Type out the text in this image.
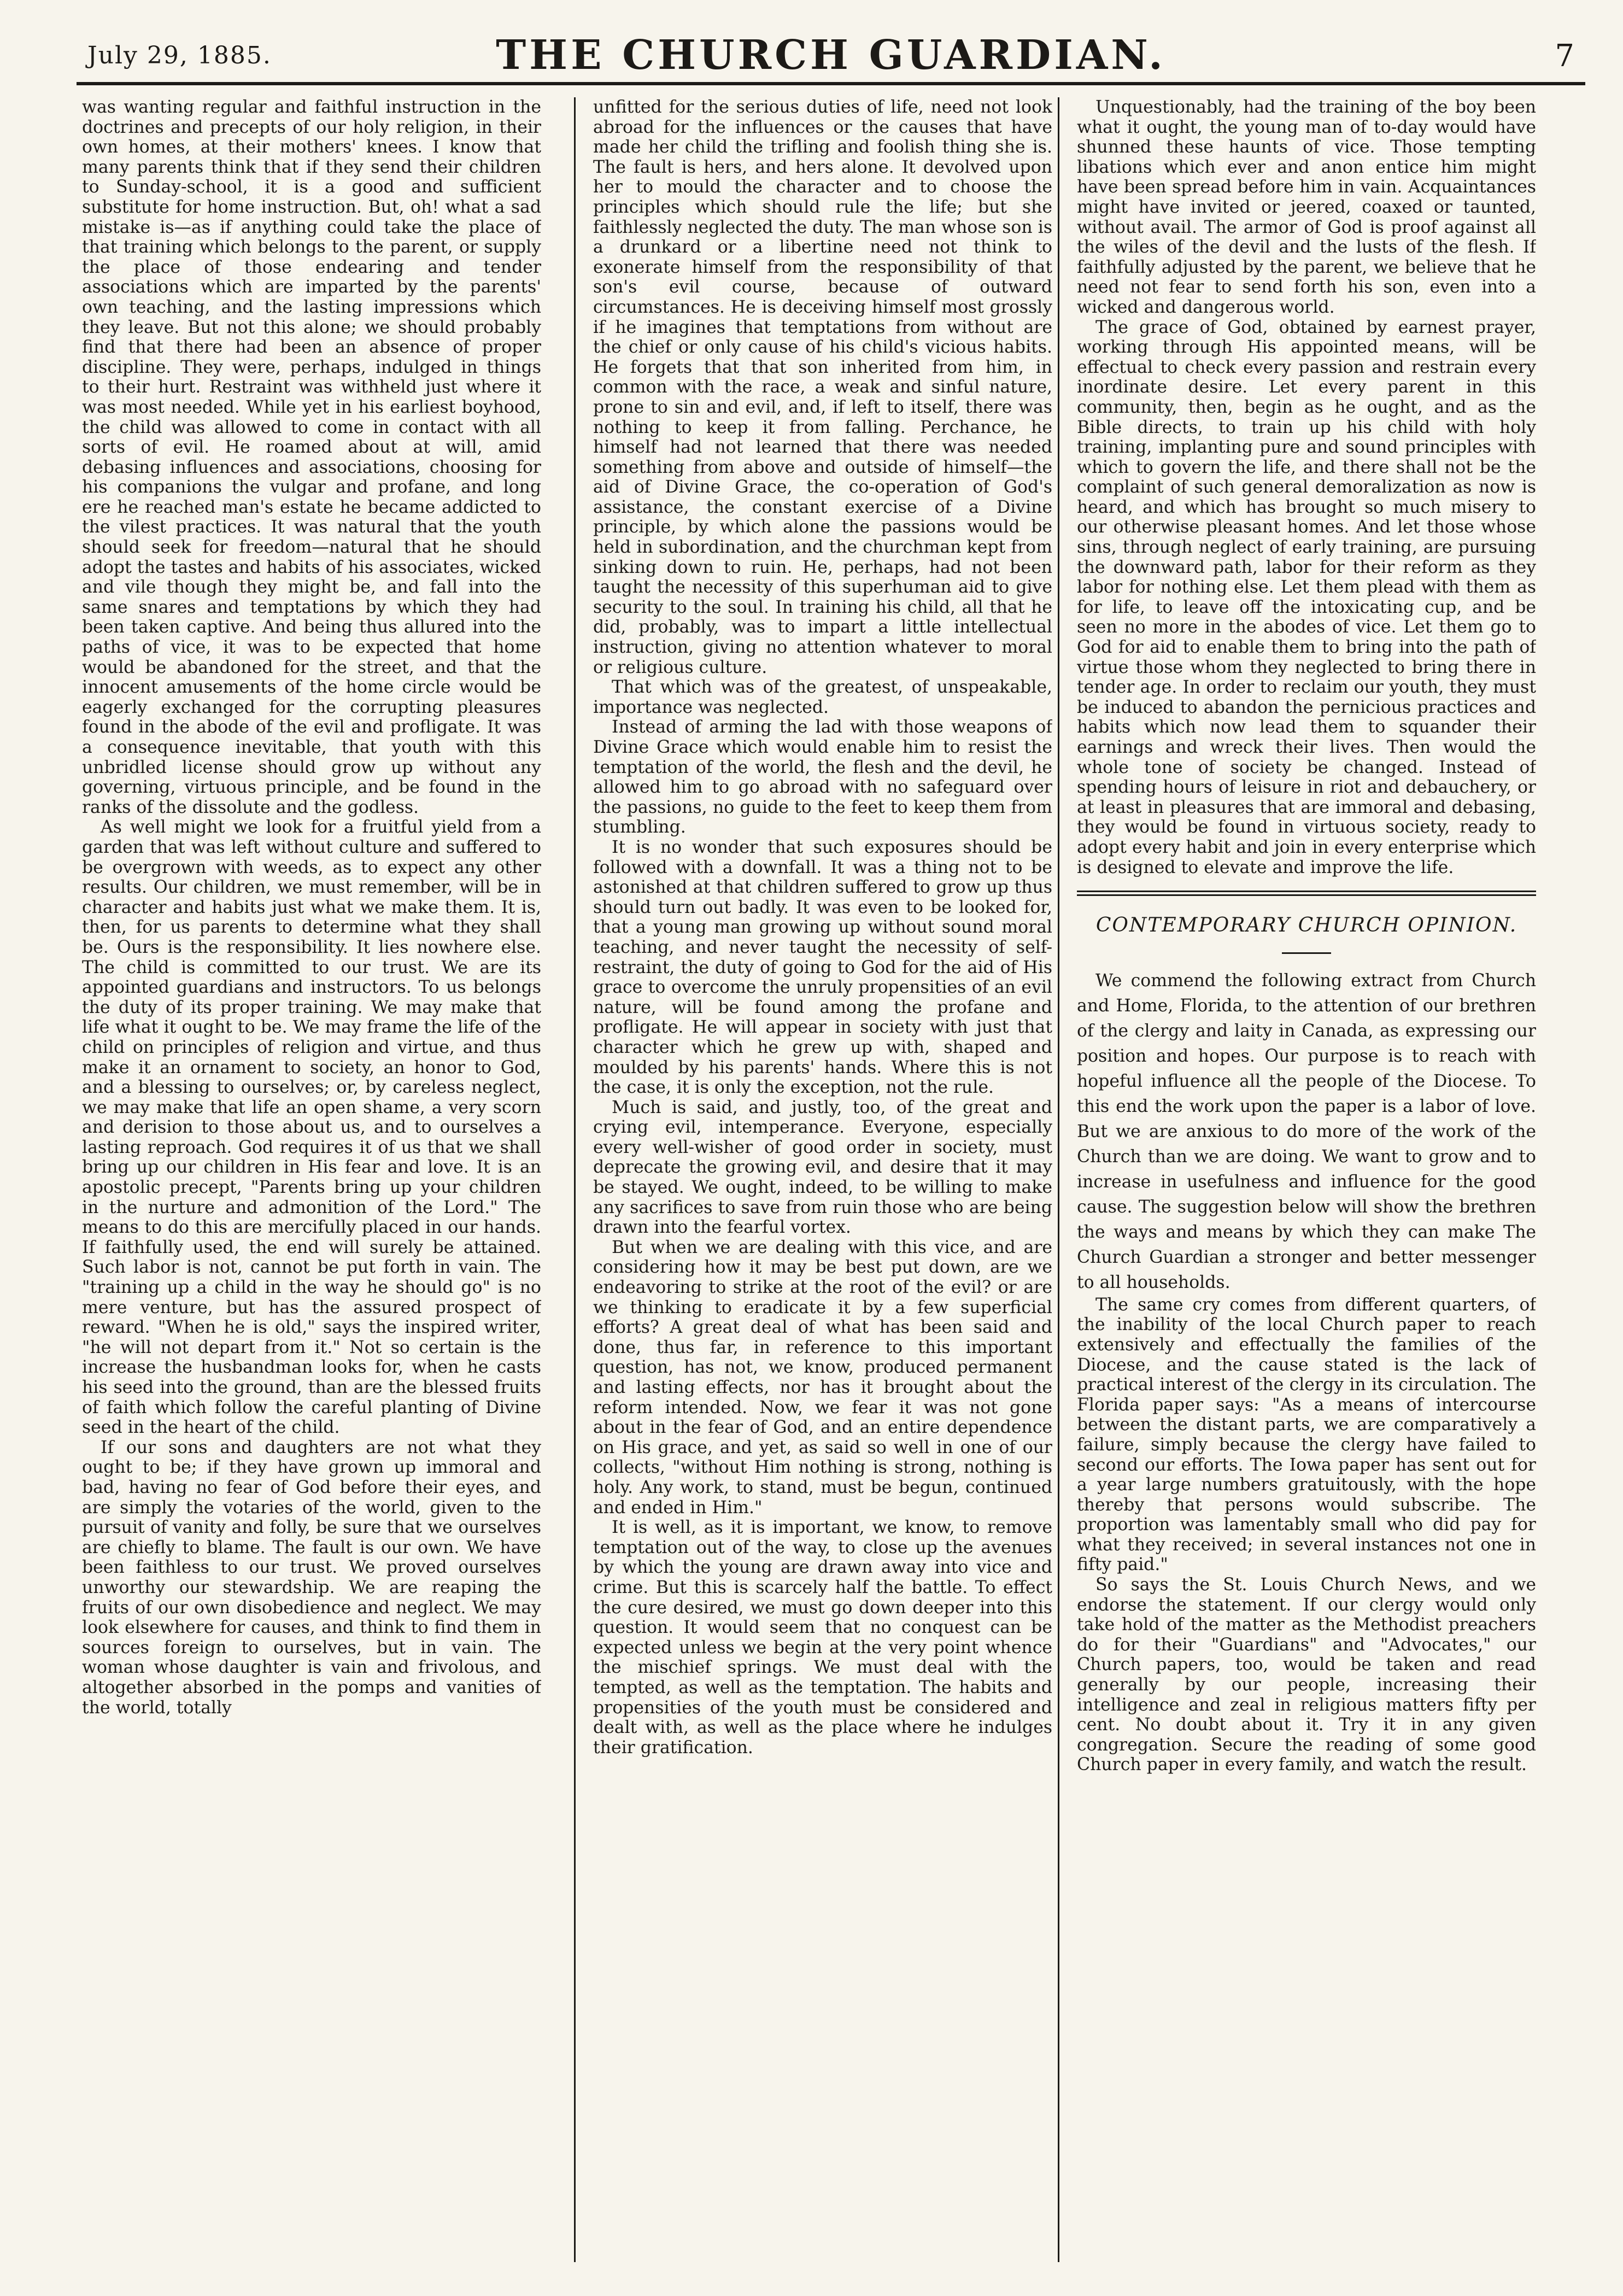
July 29, 1885.	THE CHURCH GUARDIAN.	7

was wanting regular and faithful instruction in the doctrines and precepts of our holy religion, in their own homes, at their mothers' knees. I know that many parents think that if they send their children to Sunday-school, it is a good and sufficient substitute for home instruction. But, oh! what a sad mistake is—as if anything could take the place of that training which belongs to the parent, or supply the place of those endearing and tender associations which are imparted by the parents' own teaching, and the lasting impressions which they leave. But not this alone; we should probably find that there had been an absence of proper discipline. They were, perhaps, indulged in things to their hurt. Restraint was withheld just where it was most needed. While yet in his earliest boyhood, the child was allowed to come in contact with all sorts of evil. He roamed about at will, amid debasing influences and associations, choosing for his companions the vulgar and profane, and long ere he reached man's estate he became addicted to the vilest practices. It was natural that the youth should seek for freedom—natural that he should adopt the tastes and habits of his associates, wicked and vile though they might be, and fall into the same snares and temptations by which they had been taken captive. And being thus allured into the paths of vice, it was to be expected that home would be abandoned for the street, and that the innocent amusements of the home circle would be eagerly exchanged for the corrupting pleasures found in the abode of the evil and profligate. It was a consequence inevitable, that youth with this unbridled license should grow up without any governing, virtuous principle, and be found in the ranks of the dissolute and the godless.

As well might we look for a fruitful yield from a garden that was left without culture and suffered to be overgrown with weeds, as to expect any other results. Our children, we must remember, will be in character and habits just what we make them. It is, then, for us parents to determine what they shall be. Ours is the responsibility. It lies nowhere else. The child is committed to our trust. We are its appointed guardians and instructors. To us belongs the duty of its proper training. We may make that life what it ought to be. We may frame the life of the child on principles of religion and virtue, and thus make it an ornament to society, an honor to God, and a blessing to ourselves; or, by careless neglect, we may make that life an open shame, a very scorn and derision to those about us, and to ourselves a lasting reproach. God requires it of us that we shall bring up our children in His fear and love. It is an apostolic precept, "Parents bring up your children in the nurture and admonition of the Lord." The means to do this are mercifully placed in our hands. If faithfully used, the end will surely be attained. Such labor is not, cannot be put forth in vain. The "training up a child in the way he should go" is no mere venture, but has the assured prospect of reward. "When he is old," says the inspired writer, "he will not depart from it." Not so certain is the increase the husbandman looks for, when he casts his seed into the ground, than are the blessed fruits of faith which follow the careful planting of Divine seed in the heart of the child.

If our sons and daughters are not what they ought to be; if they have grown up immoral and bad, having no fear of God before their eyes, and are simply the votaries of the world, given to the pursuit of vanity and folly, be sure that we ourselves are chiefly to blame. The fault is our own. We have been faithless to our trust. We proved ourselves unworthy our stewardship. We are reaping the fruits of our own disobedience and neglect. We may look elsewhere for causes, and think to find them in sources foreign to ourselves, but in vain. The woman whose daughter is vain and frivolous, and altogether absorbed in the pomps and vanities of the world, totally

unfitted for the serious duties of life, need not look abroad for the influences or the causes that have made her child the trifling and foolish thing she is. The fault is hers, and hers alone. It devolved upon her to mould the character and to choose the principles which should rule the life; but she faithlessly neglected the duty. The man whose son is a drunkard or a libertine need not think to exonerate himself from the responsibility of that son's evil course, because of outward circumstances. He is deceiving himself most grossly if he imagines that temptations from without are the chief or only cause of his child's vicious habits. He forgets that that son inherited from him, in common with the race, a weak and sinful nature, prone to sin and evil, and, if left to itself, there was nothing to keep it from falling. Perchance, he himself had not learned that there was needed something from above and outside of himself—the aid of Divine Grace, the co-operation of God's assistance, the constant exercise of a Divine principle, by which alone the passions would be held in subordination, and the churchman kept from sinking down to ruin. He, perhaps, had not been taught the necessity of this superhuman aid to give security to the soul. In training his child, all that he did, probably, was to impart a little intellectual instruction, giving no attention whatever to moral or religious culture.

That which was of the greatest, of unspeakable, importance was neglected.

Instead of arming the lad with those weapons of Divine Grace which would enable him to resist the temptation of the world, the flesh and the devil, he allowed him to go abroad with no safeguard over the passions, no guide to the feet to keep them from stumbling.

It is no wonder that such exposures should be followed with a downfall. It was a thing not to be astonished at that children suffered to grow up thus should turn out badly. It was even to be looked for, that a young man growing up without sound moral teaching, and never taught the necessity of self-restraint, the duty of going to God for the aid of His grace to overcome the unruly propensities of an evil nature, will be found among the profane and profligate. He will appear in society with just that character which he grew up with, shaped and moulded by his parents' hands. Where this is not the case, it is only the exception, not the rule.

Much is said, and justly, too, of the great and crying evil, intemperance. Everyone, especially every well-wisher of good order in society, must deprecate the growing evil, and desire that it may be stayed. We ought, indeed, to be willing to make any sacrifices to save from ruin those who are being drawn into the fearful vortex.

But when we are dealing with this vice, and are considering how it may be best put down, are we endeavoring to strike at the root of the evil? or are we thinking to eradicate it by a few superficial efforts? A great deal of what has been said and done, thus far, in reference to this important question, has not, we know, produced permanent and lasting effects, nor has it brought about the reform intended. Now, we fear it was not gone about in the fear of God, and an entire dependence on His grace, and yet, as said so well in one of our collects, "without Him nothing is strong, nothing is holy. Any work, to stand, must be begun, continued and ended in Him."

It is well, as it is important, we know, to remove temptation out of the way, to close up the avenues by which the young are drawn away into vice and crime. But this is scarcely half the battle. To effect the cure desired, we must go down deeper into this question. It would seem that no conquest can be expected unless we begin at the very point whence the mischief springs. We must deal with the tempted, as well as the temptation. The habits and propensities of the youth must be considered and dealt with, as well as the place where he indulges their gratification.

Unquestionably, had the training of the boy been what it ought, the young man of to-day would have shunned these haunts of vice. Those tempting libations which ever and anon entice him might have been spread before him in vain. Acquaintances might have invited or jeered, coaxed or taunted, without avail. The armor of God is proof against all the wiles of the devil and the lusts of the flesh. If faithfully adjusted by the parent, we believe that he need not fear to send forth his son, even into a wicked and dangerous world.

The grace of God, obtained by earnest prayer, working through His appointed means, will be effectual to check every passion and restrain every inordinate desire. Let every parent in this community, then, begin as he ought, and as the Bible directs, to train up his child with holy training, implanting pure and sound principles with which to govern the life, and there shall not be the complaint of such general demoralization as now is heard, and which has brought so much misery to our otherwise pleasant homes. And let those whose sins, through neglect of early training, are pursuing the downward path, labor for their reform as they labor for nothing else. Let them plead with them as for life, to leave off the intoxicating cup, and be seen no more in the abodes of vice. Let them go to God for aid to enable them to bring into the path of virtue those whom they neglected to bring there in tender age. In order to reclaim our youth, they must be induced to abandon the pernicious practices and habits which now lead them to squander their earnings and wreck their lives. Then would the whole tone of society be changed. Instead of spending hours of leisure in riot and debauchery, or at least in pleasures that are immoral and debasing, they would be found in virtuous society, ready to adopt every habit and join in every enterprise which is designed to elevate and improve the life.

CONTEMPORARY CHURCH OPINION.

We commend the following extract from Church and Home, Florida, to the attention of our brethren of the clergy and laity in Canada, as expressing our position and hopes. Our purpose is to reach with hopeful influence all the people of the Diocese. To this end the work upon the paper is a labor of love. But we are anxious to do more of the work of the Church than we are doing. We want to grow and to increase in usefulness and influence for the good cause. The suggestion below will show the brethren the ways and means by which they can make The Church Guardian a stronger and better messenger to all households.

The same cry comes from different quarters, of the inability of the local Church paper to reach extensively and effectually the families of the Diocese, and the cause stated is the lack of practical interest of the clergy in its circulation. The Florida paper says: "As a means of intercourse between the distant parts, we are comparatively a failure, simply because the clergy have failed to second our efforts. The Iowa paper has sent out for a year large numbers gratuitously, with the hope thereby that persons would subscribe. The proportion was lamentably small who did pay for what they received; in several instances not one in fifty paid."

So says the St. Louis Church News, and we endorse the statement. If our clergy would only take hold of the matter as the Methodist preachers do for their "Guardians" and "Advocates," our Church papers, too, would be taken and read generally by our people, increasing their intelligence and zeal in religious matters fifty per cent. No doubt about it. Try it in any given congregation. Secure the reading of some good Church paper in every family, and watch the result.
